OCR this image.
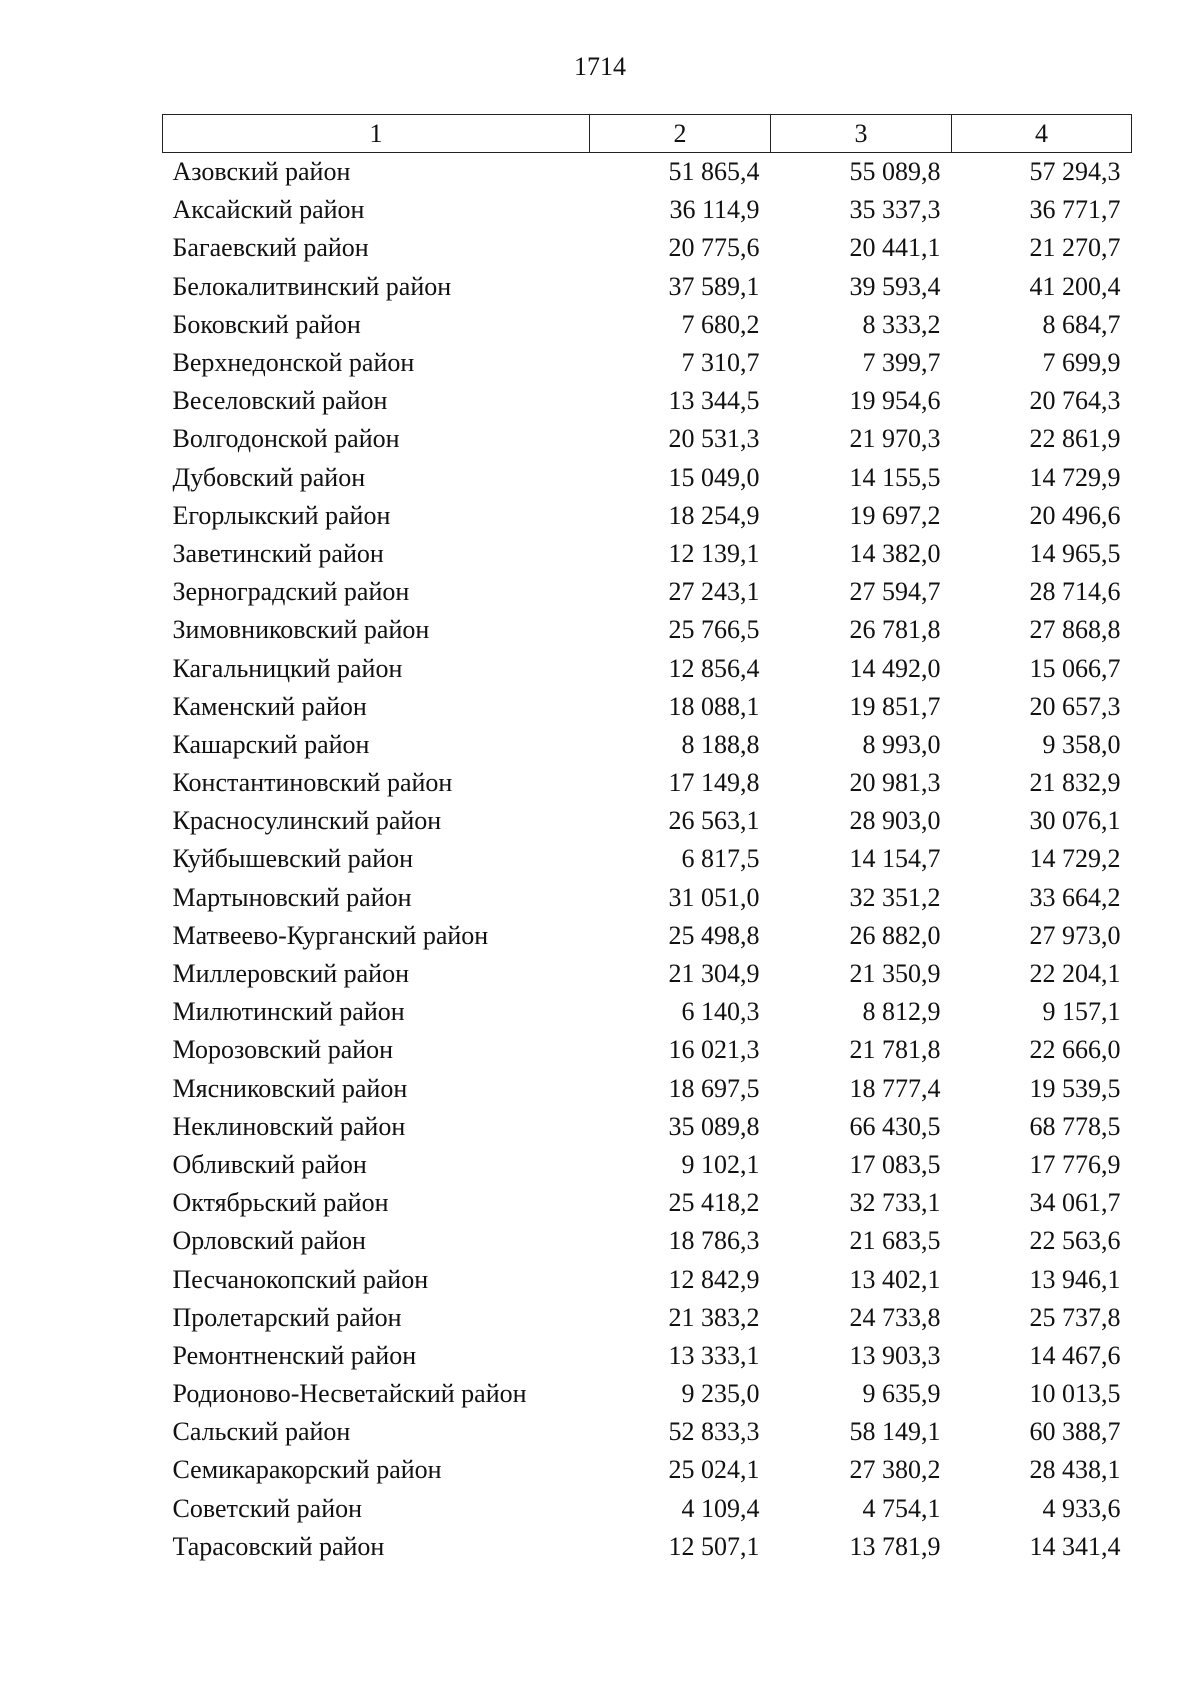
1714
1	2	3	4
Азовский район	51 865,4	55 089,8	57 294,3
Аксайский район	36 114,9	35 337,3	36 771,7
Багаевский район	20 775,6	20 441,1	21 270,7
Белокалитвинский район	37 589,1	39 593,4	41 200,4
Боковский район	7 680,2	8 333,2	8 684,7
Верхнедонской район	7 310,7	7 399,7	7 699,9
Веселовский район	13 344,5	19 954,6	20 764,3
Волгодонской район	20 531,3	21 970,3	22 861,9
Дубовский район	15 049,0	14 155,5	14 729,9
Егорлыкский район	18 254,9	19 697,2	20 496,6
Заветинский район	12 139,1	14 382,0	14 965,5
Зерноградский район	27 243,1	27 594,7	28 714,6
Зимовниковский район	25 766,5	26 781,8	27 868,8
Кагальницкий район	12 856,4	14 492,0	15 066,7
Каменский район	18 088,1	19 851,7	20 657,3
Кашарский район	8 188,8	8 993,0	9 358,0
Константиновский район	17 149,8	20 981,3	21 832,9
Красносулинский район	26 563,1	28 903,0	30 076,1
Куйбышевский район	6 817,5	14 154,7	14 729,2
Мартыновский район	31 051,0	32 351,2	33 664,2
Матвеево-Курганский район	25 498,8	26 882,0	27 973,0
Миллеровский район	21 304,9	21 350,9	22 204,1
Милютинский район	6 140,3	8 812,9	9 157,1
Морозовский район	16 021,3	21 781,8	22 666,0
Мясниковский район	18 697,5	18 777,4	19 539,5
Неклиновский район	35 089,8	66 430,5	68 778,5
Обливский район	9 102,1	17 083,5	17 776,9
Октябрьский район	25 418,2	32 733,1	34 061,7
Орловский район	18 786,3	21 683,5	22 563,6
Песчанокопский район	12 842,9	13 402,1	13 946,1
Пролетарский район	21 383,2	24 733,8	25 737,8
Ремонтненский район	13 333,1	13 903,3	14 467,6
Родионово-Несветайский район	9 235,0	9 635,9	10 013,5
Сальский район	52 833,3	58 149,1	60 388,7
Семикаракорский район	25 024,1	27 380,2	28 438,1
Советский район	4 109,4	4 754,1	4 933,6
Тарасовский район	12 507,1	13 781,9	14 341,4
